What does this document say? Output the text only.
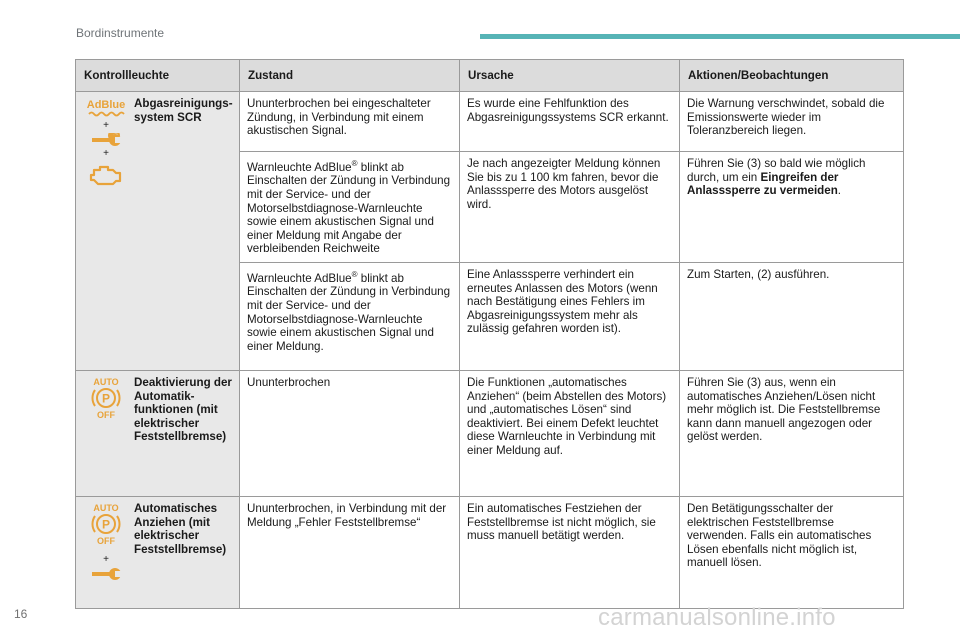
Bordinstrumente
Kontrollleuchte	Zustand	Ursache	Aktionen/Beobachtungen

AdBlue
+
+
Abgasreinigungs-system SCR	Ununterbrochen bei eingeschalteter Zündung, in Verbindung mit einem akustischen Signal.	Es wurde eine Fehlfunktion des Abgasreinigungssystems SCR erkannt.	Die Warnung verschwindet, sobald die Emissionswerte wieder im Toleranzbereich liegen.
	Warnleuchte AdBlue® blinkt ab Einschalten der Zündung in Verbindung mit der Service- und der Motorselbstdiagnose-Warnleuchte sowie einem akustischen Signal und einer Meldung mit Angabe der verbleibenden Reichweite	Je nach angezeigter Meldung können Sie bis zu 1 100 km fahren, bevor die Anlasssperre des Motors ausgelöst wird.	Führen Sie (3) so bald wie möglich durch, um ein Eingreifen der Anlasssperre zu vermeiden.
	Warnleuchte AdBlue® blinkt ab Einschalten der Zündung in Verbindung mit der Service- und der Motorselbstdiagnose-Warnleuchte sowie einem akustischen Signal und einer Meldung.	Eine Anlasssperre verhindert ein erneutes Anlassen des Motors (wenn nach Bestätigung eines Fehlers im Abgasreinigungssystem mehr als zulässig gefahren worden ist).	Zum Starten, (2) ausführen.

AUTO
P
OFF
Deaktivierung der Automatik-funktionen (mit elektrischer Feststellbremse)	Ununterbrochen	Die Funktionen „automatisches Anziehen“ (beim Abstellen des Motors) und „automatisches Lösen“ sind deaktiviert. Bei einem Defekt leuchtet diese Warnleuchte in Verbindung mit einer Meldung auf.	Führen Sie (3) aus, wenn ein automatisches Anziehen/Lösen nicht mehr möglich ist. Die Feststellbremse kann dann manuell angezogen oder gelöst werden.

AUTO
P
OFF
+
Automatisches Anziehen (mit elektrischer Feststellbremse)	Ununterbrochen, in Verbindung mit der Meldung „Fehler Feststellbremse“	Ein automatisches Festziehen der Feststellbremse ist nicht möglich, sie muss manuell betätigt werden.	Den Betätigungsschalter der elektrischen Feststellbremse verwenden. Falls ein automatisches Lösen ebenfalls nicht möglich ist, manuell lösen.
16	carmanualsonline.info
